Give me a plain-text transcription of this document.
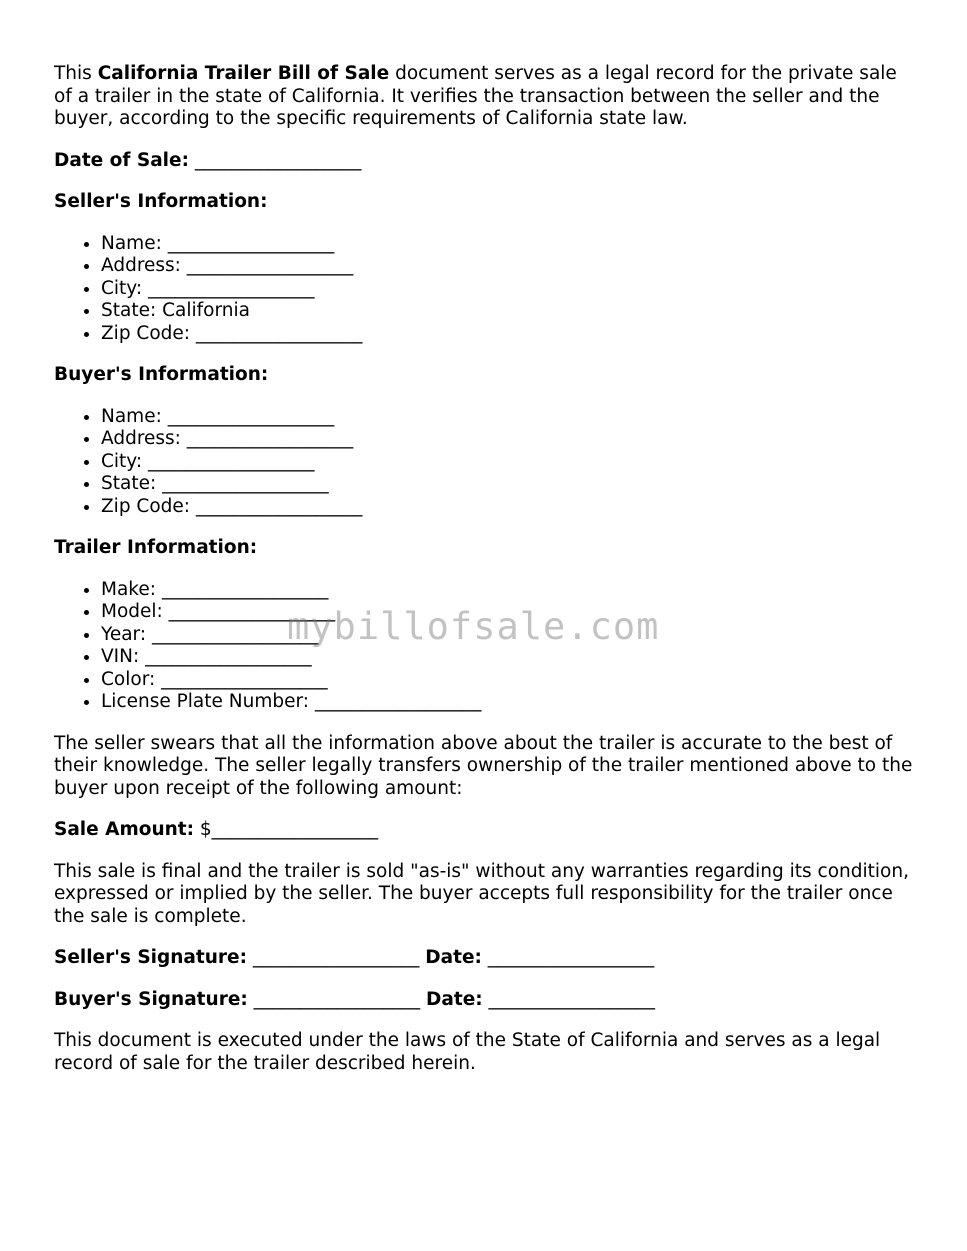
This California Trailer Bill of Sale document serves as a legal record for the private sale of a trailer in the state of California. It verifies the transaction between the seller and the buyer, according to the specific requirements of California state law.

Date of Sale: __________________

Seller's Information:

• Name: __________________
• Address: __________________
• City: __________________
• State: California
• Zip Code: __________________

Buyer's Information:

• Name: __________________
• Address: __________________
• City: __________________
• State: __________________
• Zip Code: __________________

Trailer Information:

• Make: __________________
• Model: __________________
• Year: __________________
• VIN: __________________
• Color: __________________
• License Plate Number: __________________

The seller swears that all the information above about the trailer is accurate to the best of their knowledge. The seller legally transfers ownership of the trailer mentioned above to the buyer upon receipt of the following amount:

Sale Amount: $__________________

This sale is final and the trailer is sold "as-is" without any warranties regarding its condition, expressed or implied by the seller. The buyer accepts full responsibility for the trailer once the sale is complete.

Seller's Signature: __________________ Date: __________________

Buyer's Signature: __________________ Date: __________________

This document is executed under the laws of the State of California and serves as a legal record of sale for the trailer described herein.

mybillofsale.com
